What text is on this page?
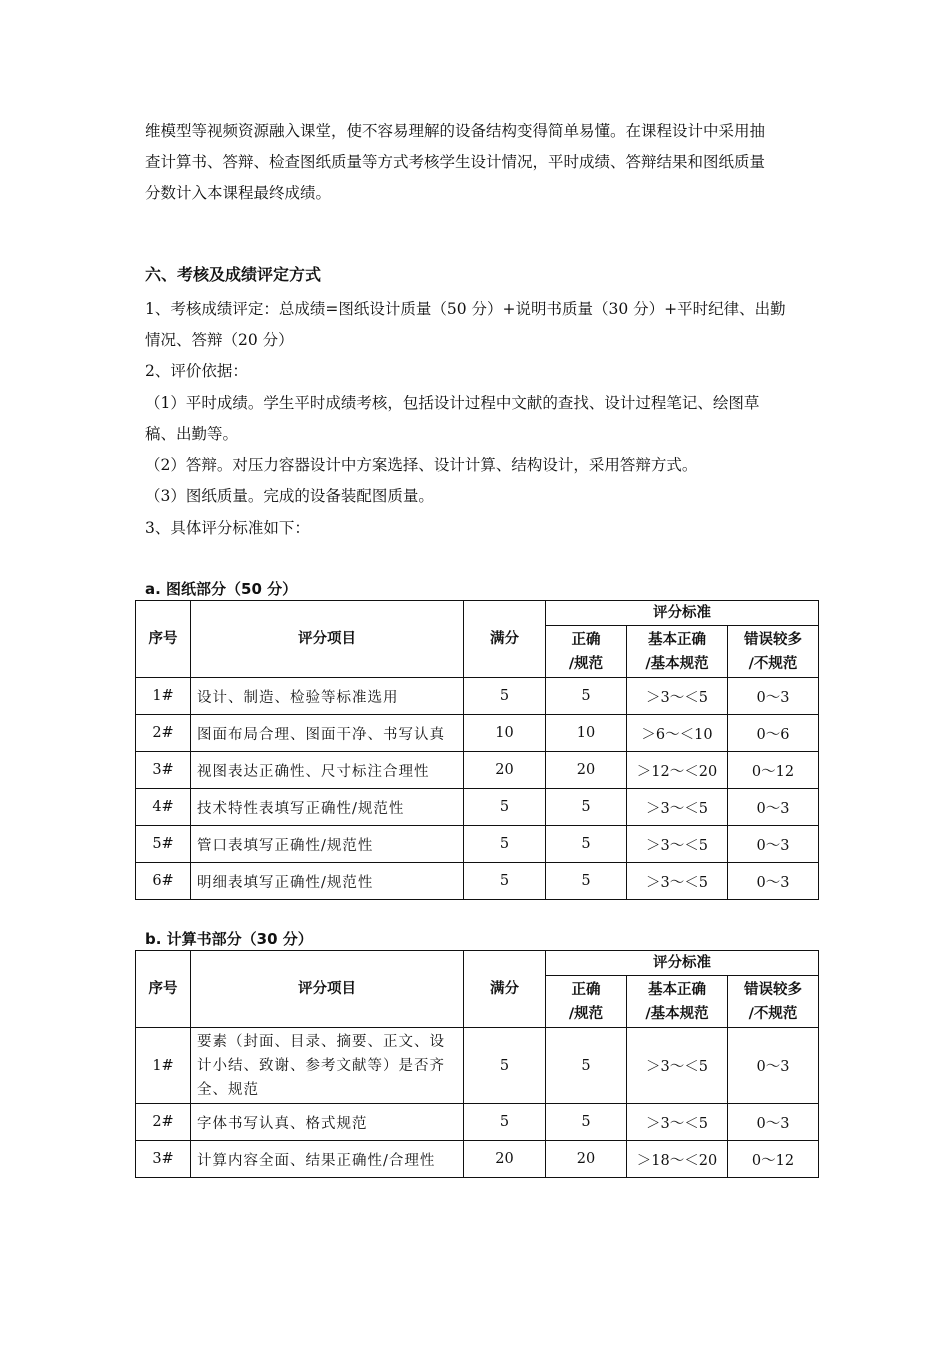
维模型等视频资源融入课堂，使不容易理解的设备结构变得简单易懂。在课程设计中采用抽
查计算书、答辩、检查图纸质量等方式考核学生设计情况，平时成绩、答辩结果和图纸质量
分数计入本课程最终成绩。
六、考核及成绩评定方式
1、考核成绩评定：总成绩=图纸设计质量（50 分）+说明书质量（30 分）+平时纪律、出勤
情况、答辩（20 分）
2、评价依据：
（1）平时成绩。学生平时成绩考核，包括设计过程中文献的查找、设计过程笔记、绘图草
稿、出勤等。
（2）答辩。对压力容器设计中方案选择、设计计算、结构设计，采用答辩方式。
（3）图纸质量。完成的设备装配图质量。
3、具体评分标准如下：
a. 图纸部分（50 分）
序号	评分项目	满分	评分标准		

			正确
/规范	基本正确
/基本规范	错误较多
/不规范

1#	设计、制造、检验等标准选用	5	5	＞3～＜5	0～3
2#	图面布局合理、图面干净、书写认真	10	10	＞6～＜10	0～6
3#	视图表达正确性、尺寸标注合理性	20	20	＞12～＜20	0～12
4#	技术特性表填写正确性/规范性	5	5	＞3～＜5	0～3
5#	管口表填写正确性/规范性	5	5	＞3～＜5	0～3
6#	明细表填写正确性/规范性	5	5	＞3～＜5	0～3
b. 计算书部分（30 分）
序号	评分项目	满分	评分标准		

			正确
/规范	基本正确
/基本规范	错误较多
/不规范

1#	要素（封面、目录、摘要、正文、设
计小结、致谢、参考文献等）是否齐
全、规范	5	5	＞3～＜5	0～3
2#	字体书写认真、格式规范	5	5	＞3～＜5	0～3
3#	计算内容全面、结果正确性/合理性	20	20	＞18～＜20	0～12
